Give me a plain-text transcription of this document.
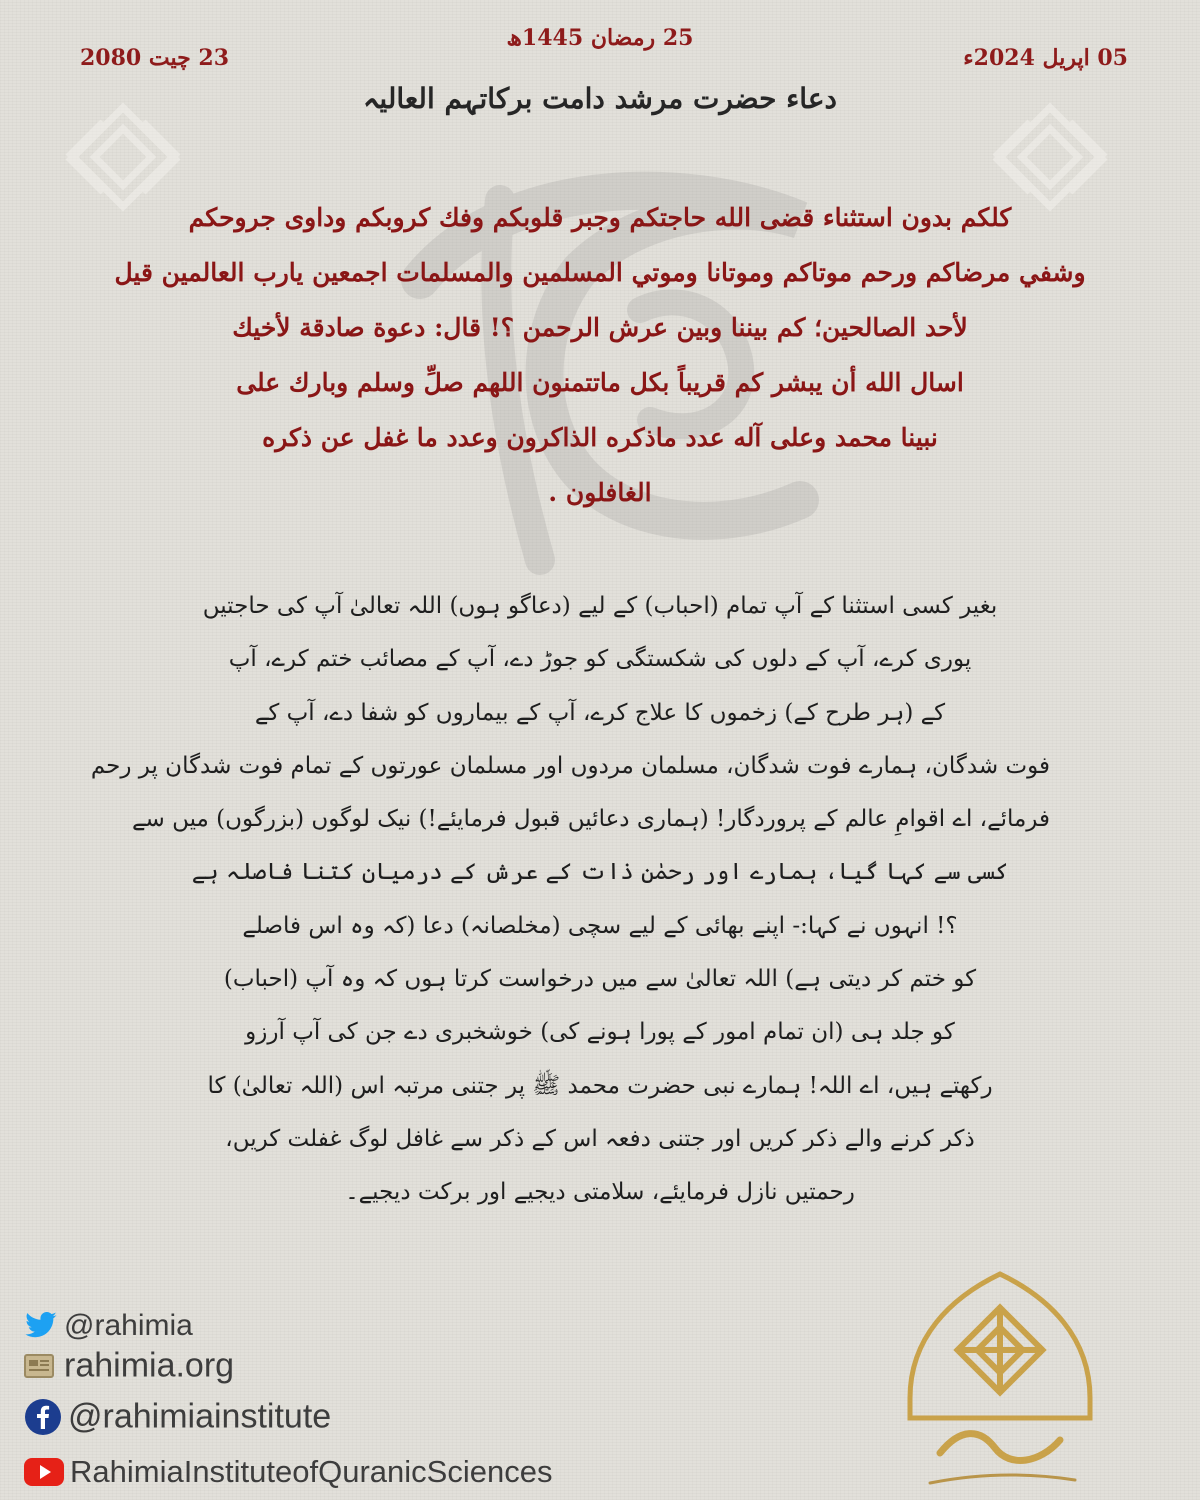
25 رمضان 1445ھ
05 اپریل 2024ء
23 چیت 2080
دعاء حضرت مرشد دامت برکاتہم العالیہ
كلكم بدون استثناء قضى الله حاجتكم وجبر قلوبكم وفك كروبكم وداوى جروحكم
وشفي مرضاكم ورحم موتاكم وموتانا وموتي المسلمين والمسلمات اجمعين يارب العالمين قيل
لأحد الصالحين؛ كم بيننا وبين عرش الرحمن ؟! قال: دعوة صادقة لأخيك
اسال الله أن يبشر كم قريباً بكل ماتتمنون اللهم صلِّ وسلم وبارك على
نبينا محمد وعلى آله عدد ماذكره الذاكرون وعدد ما غفل عن ذكره
الغافلون .
بغیر کسی استثنا کے آپ تمام (احباب) کے لیے (دعاگو ہوں) اللہ تعالیٰ آپ کی حاجتیں
پوری کرے، آپ کے دلوں کی شکستگی کو جوڑ دے، آپ کے مصائب ختم کرے، آپ
کے (ہر طرح کے) زخموں کا علاج کرے، آپ کے بیماروں کو شفا دے، آپ کے
فوت شدگان، ہمارے فوت شدگان، مسلمان مردوں اور مسلمان عورتوں کے تمام فوت شدگان پر رحم
فرمائے، اے اقوامِ عالم کے پروردگار! (ہماری دعائیں قبول فرمایئے!) نیک لوگوں (بزرگوں) میں سے
کسی سے کہا گیا، ہمارے اور رحمٰن ذات کے عرش کے درمیان کتنا فاصلہ ہے
؟! انہوں نے کہا:- اپنے بھائی کے لیے سچی (مخلصانہ) دعا (کہ وہ اس فاصلے
کو ختم کر دیتی ہے) اللہ تعالیٰ سے میں درخواست کرتا ہوں کہ وہ آپ (احباب)
کو جلد ہی (ان تمام امور کے پورا ہونے کی) خوشخبری دے جن کی آپ آرزو
رکھتے ہیں، اے اللہ! ہمارے نبی حضرت محمد ﷺ پر جتنی مرتبہ اس (اللہ تعالیٰ) کا
ذکر کرنے والے ذکر کریں اور جتنی دفعہ اس کے ذکر سے غافل لوگ غفلت کریں،
رحمتیں نازل فرمایئے، سلامتی دیجیے اور برکت دیجیے۔
@rahimia
rahimia.org
@rahimiainstitute
RahimiaInstituteofQuranicSciences
